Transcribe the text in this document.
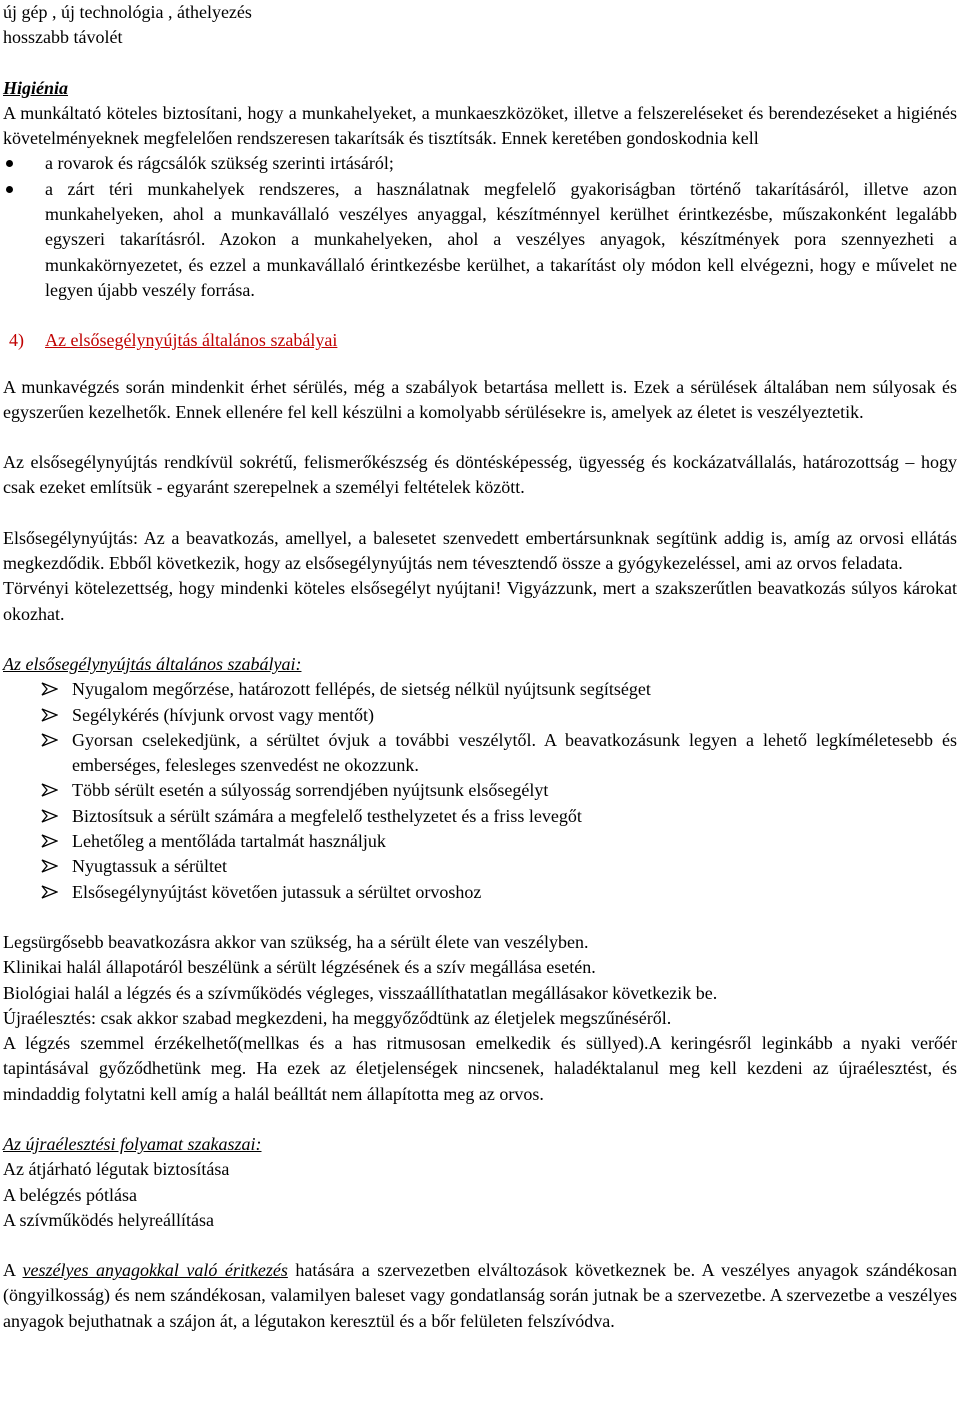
új gép , új technológia , áthelyezés

hosszabb távolét

Higiénia

A munkáltató köteles biztosítani, hogy a munkahelyeket, a munkaeszközöket, illetve a felszereléseket és berendezéseket a higiénés követelményeknek megfelelően rendszeresen takarítsák és tisztítsák. Ennek keretében gondoskodnia kell

a rovarok és rágcsálók szükség szerinti irtásáról;
a zárt téri munkahelyek rendszeres, a használatnak megfelelő gyakoriságban történő takarításáról, illetve azon munkahelyeken, ahol a munkavállaló veszélyes anyaggal, készítménnyel kerülhet érintkezésbe, műszakonként legalább egyszeri takarításról. Azokon a munkahelyeken, ahol a veszélyes anyagok, készítmények pora szennyezheti a munkakörnyezetet, és ezzel a munkavállaló érintkezésbe kerülhet, a takarítást oly módon kell elvégezni, hogy e művelet ne legyen újabb veszély forrása.

4) Az elsősegélynyújtás általános szabályai

A munkavégzés során mindenkit érhet sérülés, még a szabályok betartása mellett is. Ezek a sérülések általában nem súlyosak és egyszerűen kezelhetők. Ennek ellenére fel kell készülni a komolyabb sérülésekre is, amelyek az életet is veszélyeztetik.

Az elsősegélynyújtás rendkívül sokrétű, felismerőkészség és döntésképesség, ügyesség és kockázatvállalás, határozottság – hogy csak ezeket említsük - egyaránt szerepelnek a személyi feltételek között.

Elsősegélynyújtás: Az a beavatkozás, amellyel, a balesetet szenvedett embertársunknak segítünk addig is, amíg az orvosi ellátás megkezdődik. Ebből következik, hogy az elsősegélynyújtás nem tévesztendő össze a gyógykezeléssel, ami az orvos feladata.

Törvényi kötelezettség, hogy mindenki köteles elsősegélyt nyújtani! Vigyázzunk, mert a szakszerűtlen beavatkozás súlyos károkat okozhat.

Az elsősegélynyújtás általános szabályai:

Nyugalom megőrzése, határozott fellépés, de sietség nélkül nyújtsunk segítséget
Segélykérés (hívjunk orvost vagy mentőt)
Gyorsan cselekedjünk, a sérültet óvjuk a további veszélytől. A beavatkozásunk legyen a lehető legkíméletesebb és emberséges, felesleges szenvedést ne okozzunk.
Több sérült esetén a súlyosság sorrendjében nyújtsunk elsősegélyt
Biztosítsuk a sérült számára a megfelelő testhelyzetet és a friss levegőt
Lehetőleg a mentőláda tartalmát használjuk
Nyugtassuk a sérültet
Elsősegélynyújtást követően jutassuk a sérültet orvoshoz

Legsürgősebb beavatkozásra akkor van szükség, ha a sérült élete van veszélyben.

Klinikai halál állapotáról beszélünk a sérült légzésének és a szív megállása esetén.

Biológiai halál a légzés és a szívműködés végleges, visszaállíthatatlan megállásakor következik be.

Újraélesztés: csak akkor szabad megkezdeni, ha meggyőződtünk az életjelek megszűnéséről.

A légzés szemmel érzékelhető(mellkas és a has ritmusosan emelkedik és süllyed).A keringésről leginkább a nyaki verőér tapintásával győződhetünk meg. Ha ezek az életjelenségek nincsenek, haladéktalanul meg kell kezdeni az újraélesztést, és mindaddig folytatni kell amíg a halál beálltát nem állapította meg az orvos.

Az újraélesztési folyamat szakaszai:

Az átjárható légutak biztosítása

A belégzés pótlása

A szívműködés helyreállítása

A veszélyes anyagokkal való éritkezés hatására a szervezetben elváltozások következnek be. A veszélyes anyagok szándékosan (öngyilkosság) és nem szándékosan, valamilyen baleset vagy gondatlanság során jutnak be a szervezetbe. A szervezetbe a veszélyes anyagok bejuthatnak a szájon át, a légutakon keresztül és a bőr felületen felszívódva.
